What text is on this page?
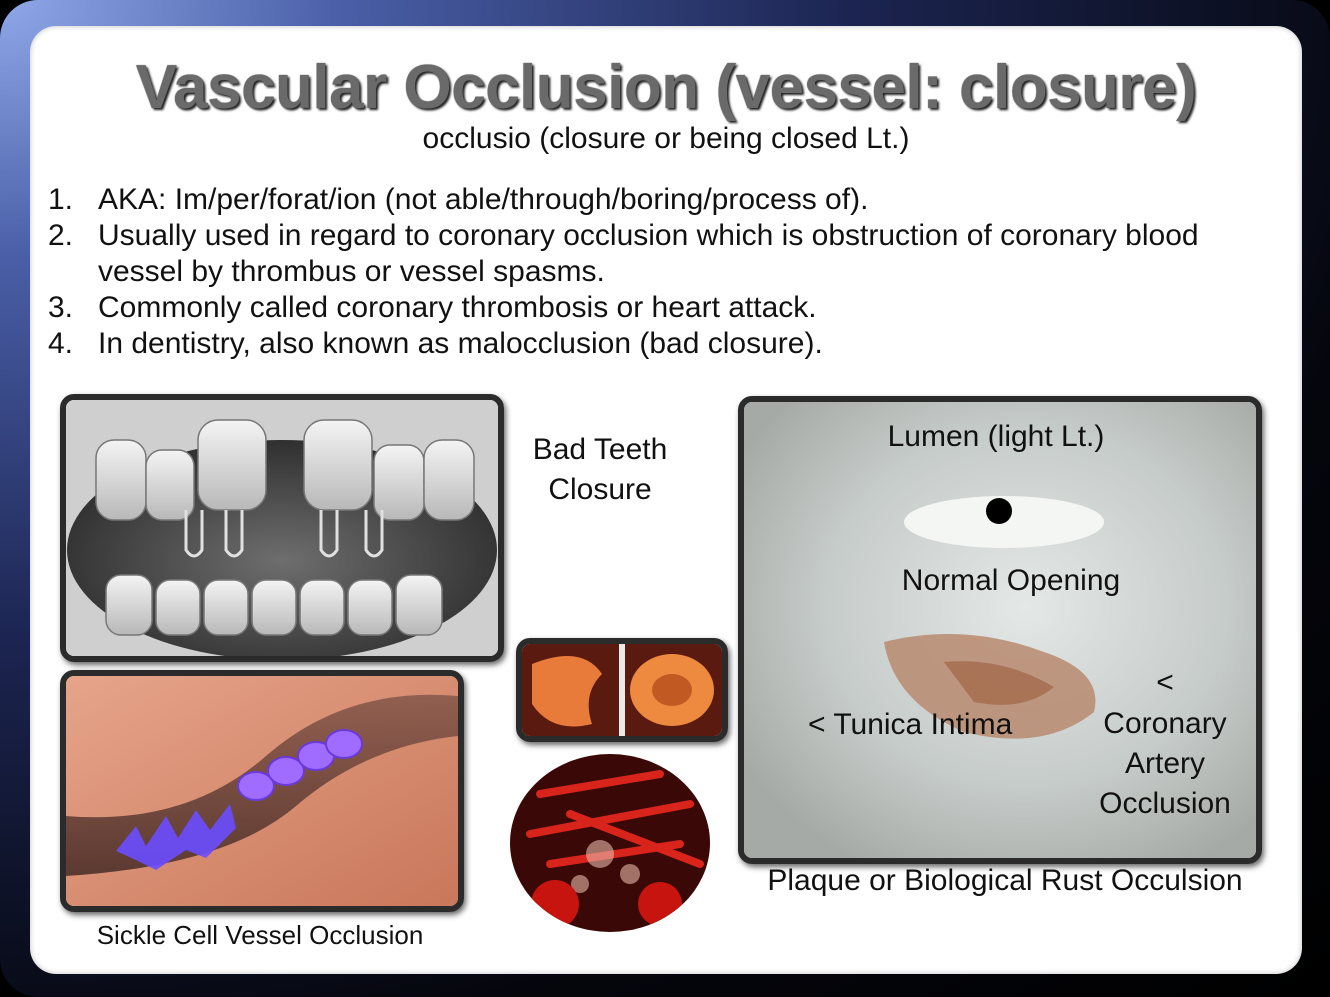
Vascular Occlusion (vessel: closure)
occlusio (closure or being closed Lt.)
1. AKA: Im/per/forat/ion (not able/through/boring/process of).
2. Usually used in regard to coronary occlusion which is obstruction of coronary blood vessel by thrombus or vessel spasms.
3. Commonly called coronary thrombosis or heart attack.
4. In dentistry, also known as malocclusion (bad closure).
Bad Teeth Closure
Sickle Cell Vessel Occlusion
Lumen (light Lt.)
Normal Opening
< Tunica Intima
<
Coronary Artery Occlusion
Plaque or Biological Rust Occulsion
